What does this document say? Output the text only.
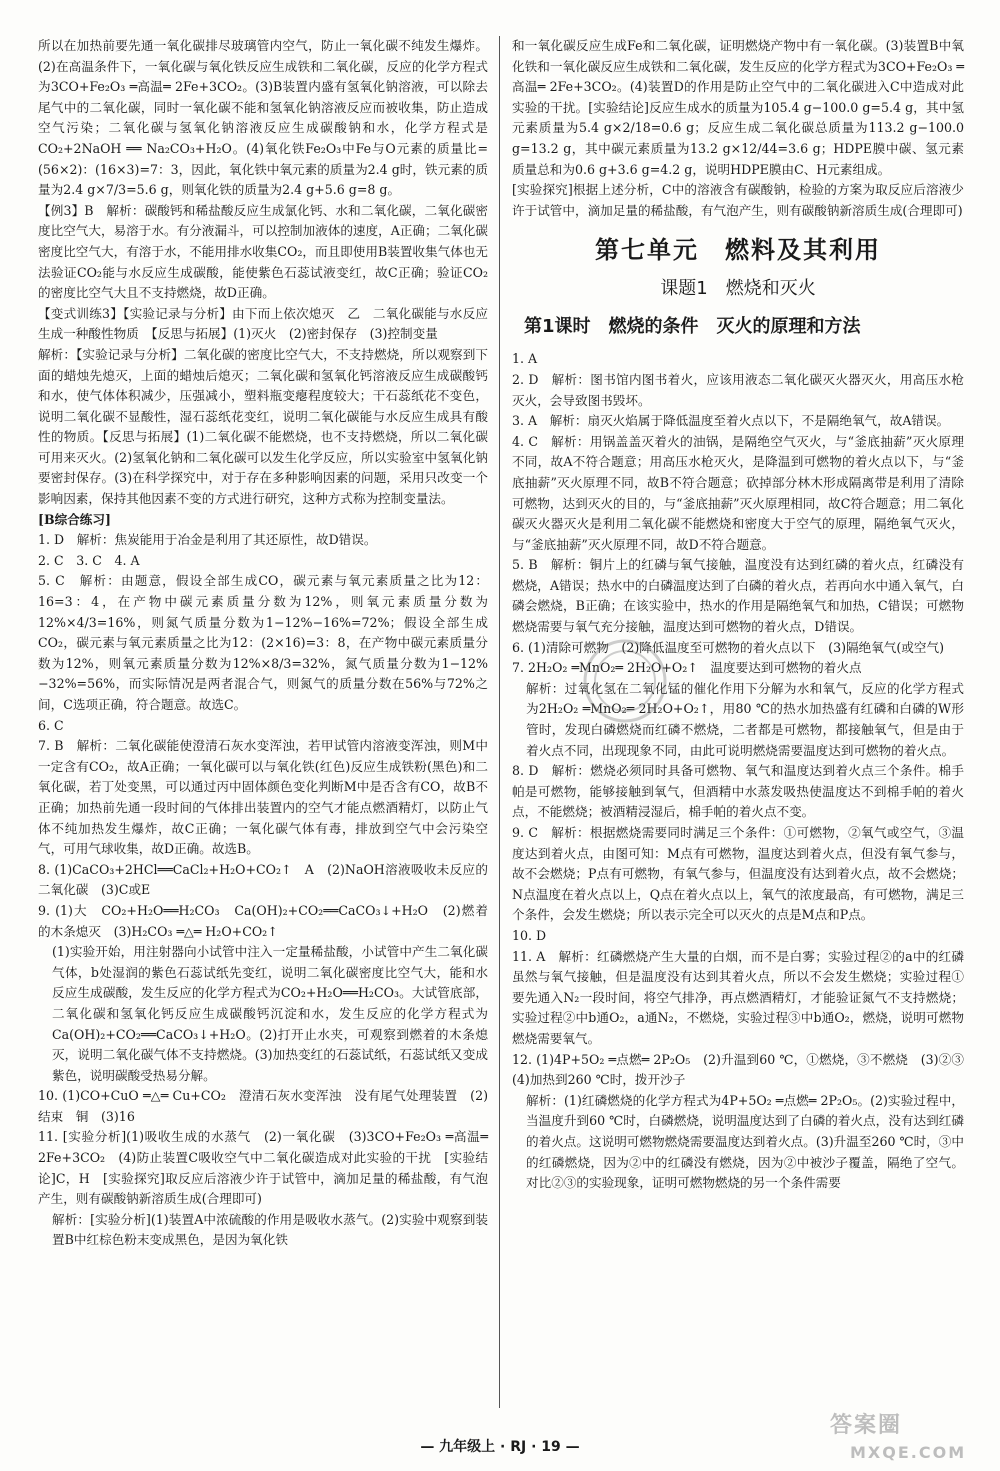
所以在加热前要先通一氧化碳排尽玻璃管内空气，防止一氧化碳不纯发生爆炸。(2)在高温条件下，一氧化碳与氧化铁反应生成铁和二氧化碳，反应的化学方程式为3CO+Fe₂O₃ ═高温═ 2Fe+3CO₂。(3)B装置内盛有氢氧化钠溶液，可以除去尾气中的二氧化碳，同时一氧化碳不能和氢氧化钠溶液反应而被收集，防止造成空气污染；二氧化碳与氢氧化钠溶液反应生成碳酸钠和水，化学方程式是CO₂+2NaOH ══ Na₂CO₃+H₂O。(4)氧化铁Fe₂O₃中Fe与O元素的质量比=(56×2)：(16×3)=7：3，因此，氧化铁中氧元素的质量为2.4 g时，铁元素的质量为2.4 g×7/3=5.6 g，则氧化铁的质量为2.4 g+5.6 g=8 g。

【例3】B　解析：碳酸钙和稀盐酸反应生成氯化钙、水和二氧化碳，二氧化碳密度比空气大，易溶于水。有分液漏斗，可以控制加液体的速度，A正确；二氧化碳密度比空气大，有溶于水，不能用排水收集CO₂，而且即使用B装置收集气体也无法验证CO₂能与水反应生成碳酸，能使紫色石蕊试液变红，故C正确；验证CO₂的密度比空气大且不支持燃烧，故D正确。

【变式训练3】【实验记录与分析】由下而上依次熄灭　乙　二氧化碳能与水反应生成一种酸性物质　【反思与拓展】(1)灭火　(2)密封保存　(3)控制变量

解析：【实验记录与分析】二氧化碳的密度比空气大，不支持燃烧，所以观察到下面的蜡烛先熄灭，上面的蜡烛后熄灭；二氧化碳和氢氧化钙溶液反应生成碳酸钙和水，使气体体积减少，压强减小，塑料瓶变瘪程度较大；干石蕊纸花不变色，说明二氧化碳不显酸性，湿石蕊纸花变红，说明二氧化碳能与水反应生成具有酸性的物质。【反思与拓展】(1)二氧化碳不能燃烧，也不支持燃烧，所以二氧化碳可用来灭火。(2)氢氧化钠和二氧化碳可以发生化学反应，所以实验室中氢氧化钠要密封保存。(3)在科学探究中，对于存在多种影响因素的问题，采用只改变一个影响因素，保持其他因素不变的方式进行研究，这种方式称为控制变量法。

[B综合练习]

1. D　解析：焦炭能用于冶金是利用了其还原性，故D错误。

2. C　3. C　4. A

5. C　解析：由题意，假设全部生成CO，碳元素与氧元素质量之比为12：16=3：4，在产物中碳元素质量分数为12%，则氧元素质量分数为12%×4/3=16%，则氮气质量分数为1−12%−16%=72%；假设全部生成CO₂，碳元素与氧元素质量之比为12：(2×16)=3：8，在产物中碳元素质量分数为12%，则氧元素质量分数为12%×8/3=32%，氮气质量分数为1−12%−32%=56%，而实际情况是两者混合气，则氮气的质量分数在56%与72%之间，C选项正确，符合题意。故选C。

6. C

7. B　解析：二氧化碳能使澄清石灰水变浑浊，若甲试管内溶液变浑浊，则M中一定含有CO₂，故A正确；一氧化碳可以与氧化铁(红色)反应生成铁粉(黑色)和二氧化碳，若丁处变黑，可以通过丙中固体颜色变化判断M中是否含有CO，故B不正确；加热前先通一段时间的气体排出装置内的空气才能点燃酒精灯，以防止气体不纯加热发生爆炸，故C正确；一氧化碳气体有毒，排放到空气中会污染空气，可用气球收集，故D正确。故选B。

8. (1)CaCO₃+2HCl══CaCl₂+H₂O+CO₂↑　A　(2)NaOH溶液吸收未反应的二氧化碳　(3)C或E

9. (1)大　CO₂+H₂O══H₂CO₃　Ca(OH)₂+CO₂══CaCO₃↓+H₂O　(2)燃着的木条熄灭　(3)H₂CO₃ ═△═ H₂O+CO₂↑

(1)实验开始，用注射器向小试管中注入一定量稀盐酸，小试管中产生二氧化碳气体，b处湿润的紫色石蕊试纸先变红，说明二氧化碳密度比空气大，能和水反应生成碳酸，发生反应的化学方程式为CO₂+H₂O══H₂CO₃。大试管底部，二氧化碳和氢氧化钙反应生成碳酸钙沉淀和水，发生反应的化学方程式为Ca(OH)₂+CO₂══CaCO₃↓+H₂O。(2)打开止水夹，可观察到燃着的木条熄灭，说明二氧化碳气体不支持燃烧。(3)加热变红的石蕊试纸，石蕊试纸又变成紫色，说明碳酸受热易分解。

10. (1)CO+CuO ═△═ Cu+CO₂　澄清石灰水变浑浊　没有尾气处理装置　(2)结束　铜　(3)16

11. [实验分析](1)吸收生成的水蒸气　(2)一氧化碳　(3)3CO+Fe₂O₃ ═高温═ 2Fe+3CO₂　(4)防止装置C吸收空气中二氧化碳造成对此实验的干扰　[实验结论]C，H　[实验探究]取反应后溶液少许于试管中，滴加足量的稀盐酸，有气泡产生，则有碳酸钠新溶质生成(合理即可)

解析：[实验分析](1)装置A中浓硫酸的作用是吸收水蒸气。(2)实验中观察到装置B中红棕色粉末变成黑色，是因为氧化铁

和一氧化碳反应生成Fe和二氧化碳，证明燃烧产物中有一氧化碳。(3)装置B中氧化铁和一氧化碳反应生成铁和二氧化碳，发生反应的化学方程式为3CO+Fe₂O₃ ═高温═ 2Fe+3CO₂。(4)装置D的作用是防止空气中的二氧化碳进入C中造成对此实验的干扰。[实验结论]反应生成水的质量为105.4 g−100.0 g=5.4 g，其中氢元素质量为5.4 g×2/18=0.6 g；反应生成二氧化碳总质量为113.2 g−100.0 g=13.2 g，其中碳元素质量为13.2 g×12/44=3.6 g；HDPE膜中碳、氢元素质量总和为0.6 g+3.6 g=4.2 g，说明HDPE膜由C、H元素组成。

[实验探究]根据上述分析，C中的溶液含有碳酸钠，检验的方案为取反应后溶液少许于试管中，滴加足量的稀盐酸，有气泡产生，则有碳酸钠新溶质生成(合理即可)

第七单元　燃料及其利用
课题1　燃烧和灭火
第1课时　燃烧的条件　灭火的原理和方法

1. A

2. D　解析：图书馆内图书着火，应该用液态二氧化碳灭火器灭火，用高压水枪灭火，会导致图书毁坏。

3. A　解析：扇灭火焰属于降低温度至着火点以下，不是隔绝氧气，故A错误。

4. C　解析：用锅盖盖灭着火的油锅，是隔绝空气灭火，与“釜底抽薪”灭火原理不同，故A不符合题意；用高压水枪灭火，是降温到可燃物的着火点以下，与“釜底抽薪”灭火原理不同，故B不符合题意；砍掉部分林木形成隔离带是利用了清除可燃物，达到灭火的目的，与“釜底抽薪”灭火原理相同，故C符合题意；用二氧化碳灭火器灭火是利用二氧化碳不能燃烧和密度大于空气的原理，隔绝氧气灭火，与“釜底抽薪”灭火原理不同，故D不符合题意。

5. B　解析：铜片上的红磷与氧气接触，温度没有达到红磷的着火点，红磷没有燃烧，A错误；热水中的白磷温度达到了白磷的着火点，若再向水中通入氧气，白磷会燃烧，B正确；在该实验中，热水的作用是隔绝氧气和加热，C错误；可燃物燃烧需要与氧气充分接触，温度达到可燃物的着火点，D错误。

6. (1)清除可燃物　(2)降低温度至可燃物的着火点以下　(3)隔绝氧气(或空气)

7. 2H₂O₂ ═MnO₂═ 2H₂O+O₂↑　温度要达到可燃物的着火点

解析：过氧化氢在二氧化锰的催化作用下分解为水和氧气，反应的化学方程式为2H₂O₂ ═MnO₂═ 2H₂O+O₂↑，用80 ℃的热水加热盛有红磷和白磷的W形管时，发现白磷燃烧而红磷不燃烧，二者都是可燃物，都接触氧气，但是由于着火点不同，出现现象不同，由此可说明燃烧需要温度达到可燃物的着火点。

8. D　解析：燃烧必须同时具备可燃物、氧气和温度达到着火点三个条件。棉手帕是可燃物，能够接触到氧气，但酒精中水蒸发吸热使温度达不到棉手帕的着火点，不能燃烧；被酒精浸湿后，棉手帕的着火点不变。

9. C　解析：根据燃烧需要同时满足三个条件：①可燃物，②氧气或空气，③温度达到着火点，由图可知：M点有可燃物，温度达到着火点，但没有氧气参与，故不会燃烧；P点有可燃物，有氧气参与，但温度没有达到着火点，故不会燃烧；N点温度在着火点以上，Q点在着火点以上，氧气的浓度最高，有可燃物，满足三个条件，会发生燃烧；所以表示完全可以灭火的点是M点和P点。

10. D

11. A　解析：红磷燃烧产生大量的白烟，而不是白雾；实验过程②的a中的红磷虽然与氧气接触，但是温度没有达到其着火点，所以不会发生燃烧；实验过程①要先通入N₂一段时间，将空气排净，再点燃酒精灯，才能验证氮气不支持燃烧；实验过程②中b通O₂，a通N₂，不燃烧，实验过程③中b通O₂，燃烧，说明可燃物燃烧需要氧气。

12. (1)4P+5O₂ ═点燃═ 2P₂O₅　(2)升温到60 ℃，①燃烧，③不燃烧　(3)②③　(4)加热到260 ℃时，拨开沙子

解析：(1)红磷燃烧的化学方程式为4P+5O₂ ═点燃═ 2P₂O₅。(2)实验过程中，当温度升到60 ℃时，白磷燃烧，说明温度达到了白磷的着火点，没有达到红磷的着火点。这说明可燃物燃烧需要温度达到着火点。(3)升温至260 ℃时，③中的红磷燃烧，因为②中的红磷没有燃烧，因为②中被沙子覆盖，隔绝了空气。对比②③的实验现象，证明可燃物燃烧的另一个条件需要

— 九年级上 · RJ · 19 —
答案圈
MXQE.COM
